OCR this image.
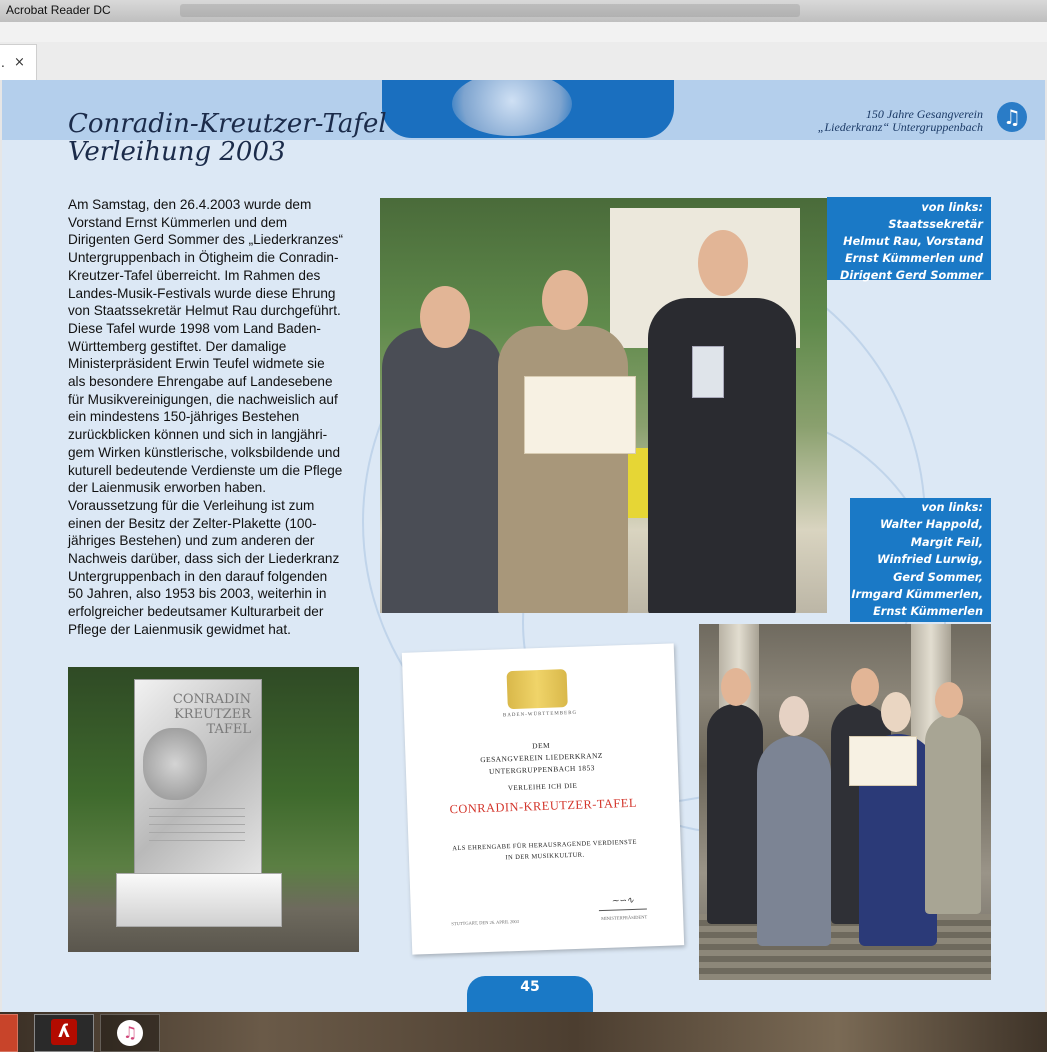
Acrobat Reader DC
. ×
150 Jahre Gesangverein
„Liederkranz“ Untergruppenbach	♫
Conradin-Kreutzer-Tafel
Verleihung 2003
Am Samstag, den 26.4.2003 wurde dem
Vorstand Ernst Kümmerlen und dem
Dirigenten Gerd Sommer des „Liederkranzes“
Untergruppenbach in Ötigheim die Conradin-
Kreutzer-Tafel überreicht. Im Rahmen des
Landes-Musik-Festivals wurde diese Ehrung
von Staatssekretär Helmut Rau durchgeführt.
Diese Tafel wurde 1998 vom Land Baden-
Württemberg gestiftet. Der damalige
Ministerpräsident Erwin Teufel widmete sie
als besondere Ehrengabe auf Landesebene
für Musikvereinigungen, die nachweislich auf
ein mindestens 150-jähriges Bestehen
zurückblicken können und sich in langjähri-
gem Wirken künstlerische, volksbildende und
kuturell bedeutende Verdienste um die Pflege
der Laienmusik erworben haben.
Voraussetzung für die Verleihung ist zum
einen der Besitz der Zelter-Plakette (100-
jähriges Bestehen) und zum anderen der
Nachweis darüber, dass sich der Liederkranz
Untergruppenbach in den darauf folgenden
50 Jahren, also 1953 bis 2003, weiterhin in
erfolgreicher bedeutsamer Kulturarbeit der
Pflege der Laienmusik gewidmet hat.
von links: Staatssekretär
Helmut Rau, Vorstand
Ernst Kümmerlen und
Dirigent Gerd Sommer
von links:
Walter Happold,
Margit Feil,
Winfried Lurwig,
Gerd Sommer,
Irmgard Kümmerlen,
Ernst Kümmerlen
CONRADIN
KREUTZER
TAFEL
BADEN-WÜRTTEMBERG
DEM
GESANGVEREIN LIEDERKRANZ
UNTERGRUPPENBACH 1853
VERLEIHE ICH DIE
CONRADIN-KREUTZER-TAFEL
ALS EHRENGABE FÜR HERAUSRAGENDE VERDIENSTE
IN DER MUSIKKULTUR.
∼∽∿
STUTTGART, DEN 26. APRIL 2003
MINISTERPRÄSIDENT
45
ʎ	♫
